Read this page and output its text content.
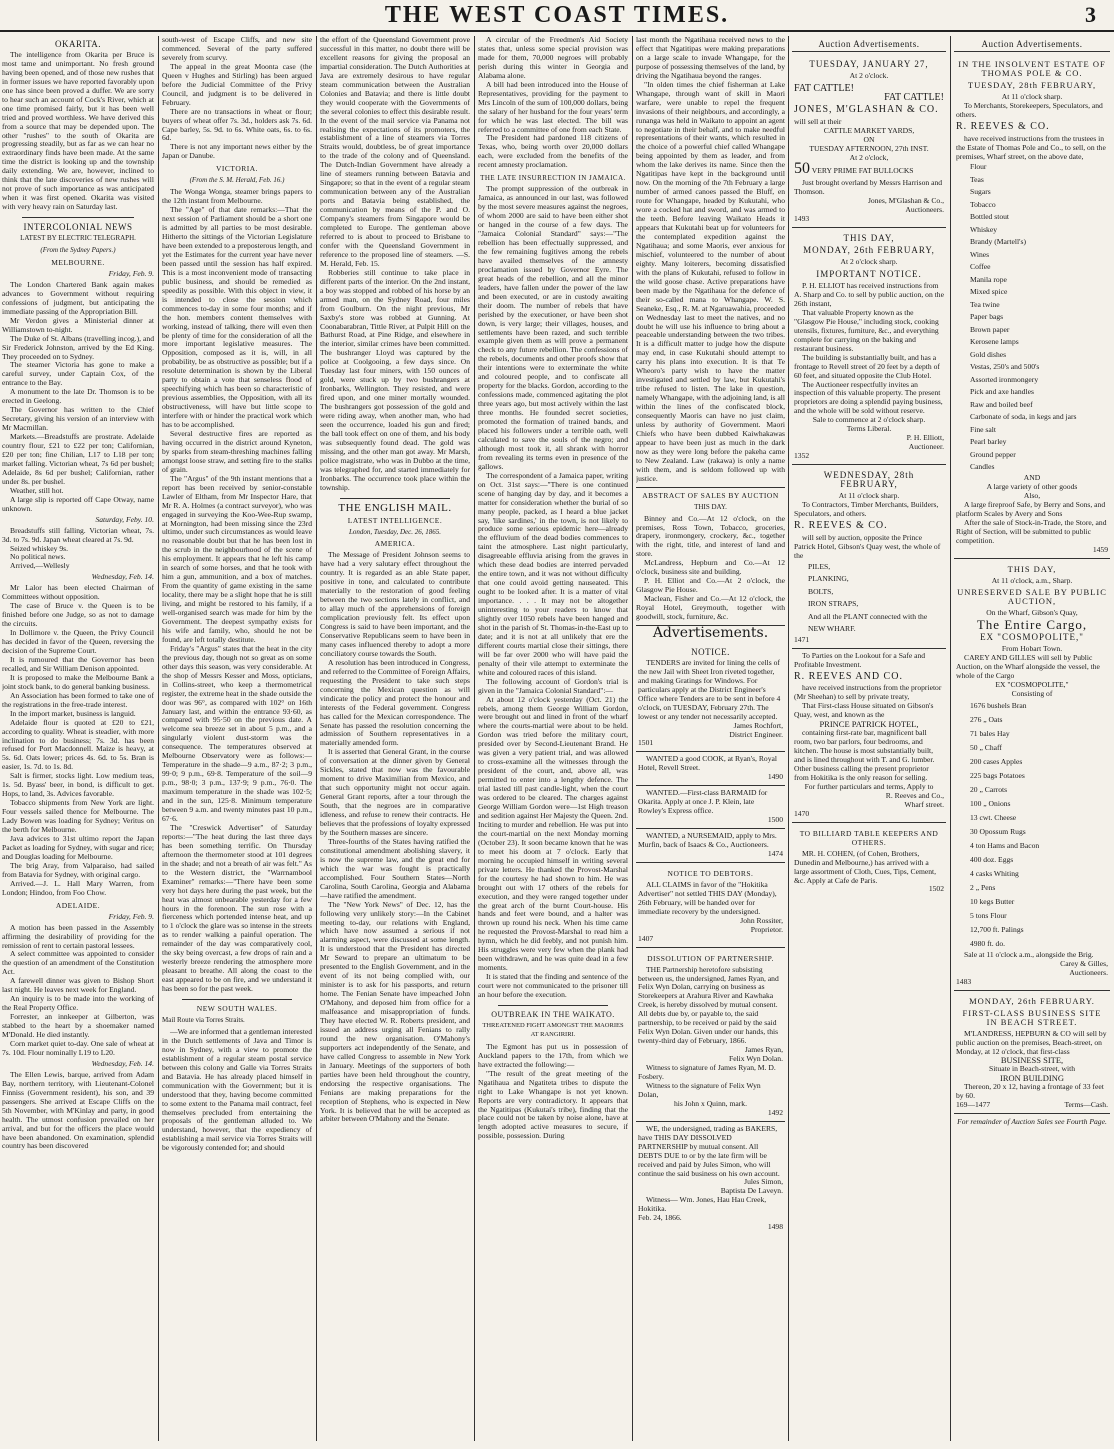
THE WEST COAST TIMES.	3
OKARITA.

The intelligence from Okarita per Bruce is most tame and unimportant. No fresh ground having been opened, and of those new rushes that in former issues we have reported favorably upon one has since been proved a duffer. We are sorry to hear such an account of Cock's River, which at one time promised fairly, but it has been well tried and proved worthless. We have derived this from a source that may be depended upon. The other "rushes" to the south of Okarita are progressing steadily, but as far as we can hear no extraordinary finds have been made. At the same time the district is looking up and the township daily extending. We are, however, inclined to think that the late discoveries of new rushes will not prove of such importance as was anticipated when it was first opened. Okarita was visited with very heavy rain on Saturday last.

INTERCOLONIAL NEWS
LATEST BY ELECTRIC TELEGRAPH.
(From the Sydney Papers.)
MELBOURNE.
Friday, Feb. 9.

The London Chartered Bank again makes advances to Government without requiring confessions of judgment, but anticipating the immediate passing of the Appropriation Bill.

Mr Verdon gives a Ministerial dinner at Williamstown to-night.

The Duke of St. Albans (travelling incog.), and Sir Frederick Johnston, arrived by the Ed King. They proceeded on to Sydney.

The steamer Victoria has gone to make a careful survey, under Captain Cox, of the entrance to the Bay.

A monument to the late Dr. Thomson is to be erected in Geelong.

The Governor has written to the Chief Secretary, giving his version of an interview with Mr Macmillan.

Markets.—Breadstuffs are prostrate. Adelaide country flour, £21 to £22 per ton; Californian, £20 per ton; fine Chilian, L17 to L18 per ton; market falling. Victorian wheat, 7s 6d per bushel; Adelaide, 8s 6d per bushel; Californian, rather under 8s. per bushel.

Weather, still hot.

A large slip is reported off Cape Otway, name unknown.

Saturday, Feby. 10.

Breadstuffs still falling. Victorian wheat, 7s. 3d. to 7s. 9d. Japan wheat cleared at 7s. 9d.

Seized whiskey 9s.

No political news.

Arrived,—Wellesly

Wednesday, Feb. 14.

Mr Lalor has been elected Chairman of Committees without opposition.

The case of Bruce v. the Queen is to be finished before one Judge, so as not to damage the circuits.

In Dollimore v. the Queen, the Privy Council has decided in favor of the Queen, reversing the decision of the Supreme Court.

It is rumoured that the Governor has been recalled, and Sir William Denison appointed.

It is proposed to make the Melbourne Bank a joint stock bank, to do general banking business.

An Association has been formed to take one of the registrations in the free-trade interest.

In the import market, business is languid.

Adelaide flour is quoted at £20 to £21, according to quality. Wheat is steadier, with more inclination to do business; 7s. 3d. has been refused for Port Macdonnell. Maize is heavy, at 5s. 6d. Oats lower; prices 4s. 6d. to 5s. Bran is easier, 1s. 7d. to 1s. 8d.

Salt is firmer, stocks light. Low medium teas, 1s. 5d. Byass' beer, in bond, is difficult to get. Hops, to land, 3s. Advices favorable.

Tobacco shipments from New York are light. Four vessels sailed thence for Melbourne. The Lady Bowen was loading for Sydney; Veritus on the berth for Melbourne.

Java advices to 31st ultimo report the Japan Packet as loading for Sydney, with sugar and rice; and Douglas loading for Melbourne.

The brig Aray, from Valparaiso, had sailed from Batavia for Sydney, with original cargo.

Arrived.—J. L. Hall Mary Warren, from London; Hindoo, from Foo Chow.

ADELAIDE.
Friday, Feb. 9.

A motion has been passed in the Assembly affirming the desirability of providing for the remission of rent to certain pastoral lessees.

A select committee was appointed to consider the question of an amendment of the Constitution Act.

A farewell dinner was given to Bishop Short last night. He leaves next week for England.

An inquiry is to be made into the working of the Real Property Office.

Forrester, an innkeeper at Gilberton, was stabbed to the heart by a shoemaker named M'Donald. He died instantly.

Corn market quiet to-day. One sale of wheat at 7s. 10d. Flour nominally L19 to L20.

Wednesday, Feb. 14.

The Ellen Lewis, barque, arrived from Adam Bay, northern territory, with Lieutenant-Colonel Finniss (Government resident), his son, and 39 passengers. She arrived at Escape Cliffs on the 5th November, with M'Kinlay and party, in good health. The utmost confusion prevailed on her arrival, and but for the officers the place would have been abandoned. On examination, splendid country has been discovered

south-west of Escape Cliffs, and new site commenced. Several of the party suffered severely from scurvy.

The appeal in the great Moonta case (the Queen v Hughes and Stirling) has been argued before the Judicial Committee of the Privy Council, and judgment is to be delivered in February.

There are no transactions in wheat or flour; buyers of wheat offer 7s. 3d., holders ask 7s. 6d. Cape barley, 5s. 9d. to 6s. White oats, 6s. to 6s. 6d.

There is not any important news either by the Japan or Danube.

VICTORIA.
(From the S. M. Herald, Feb. 16.)

The Wonga Wonga, steamer brings papers to the 12th instant from Melbourne.

The "Age" of that date remarks:—That the next session of Parliament should be a short one is admitted by all parties to be most desirable. Hitherto the sittings of the Victorian Legislature have been extended to a preposterous length, and yet the Estimates for the current year have never been passed until the session has half expired. This is a most inconvenient mode of transacting public business, and should be remedied as speedily as possible. With this object in view, it is intended to close the session which commences to-day in some four months; and if the hon. members content themselves with working, instead of talking, there will even then be plenty of time for the consideration of all the more important legislative measures. The Opposition, composed as it is, will, in all probability, be as obstructive as possible; but if a resolute determination is shown by the Liberal party to obtain a vote that senseless flood of speechifying which has been so characteristic of previous assemblies, the Opposition, with all its obstructiveness, will have but little scope to interfere with or hinder the practical work which has to be accomplished.

Several destructive fires are reported as having occurred in the district around Kyneton, by sparks from steam-threshing machines falling amongst loose straw, and setting fire to the stalks of grain.

The "Argus" of the 9th instant mentions that a report has been received by senior-constable Lawler of Eltham, from Mr Inspector Hare, that Mr R. A. Holmes (a contract surveyor), who was engaged in surveying the Koo-Wee-Rup swamp, at Mornington, had been missing since the 23rd ultimo, under such circumstances as would leave no reasonable doubt but that he has been lost in the scrub in the neighbourhood of the scene of his employment. It appears that he left his camp in search of some horses, and that he took with him a gun, ammunition, and a box of matches. From the quantity of game existing in the same locality, there may be a slight hope that he is still living, and might be restored to his family, if a well-organised search was made for him by the Government. The deepest sympathy exists for his wife and family, who, should he not be found, are left totally destitute.

Friday's "Argus" states that the heat in the city the previous day, though not so great as on some other days this season, was very considerable. At the shop of Messrs Kesser and Moss, opticians, in Collins-street, who keep a thermometrical register, the extreme heat in the shade outside the door was 96°, as compared with 102° on 16th January last, and within the entrance 93·60, as compared with 95·50 on the previous date. A welcome sea breeze set in about 5 p.m., and a singularly violent dust-storm was the consequence. The temperatures observed at Melbourne Observatory were as follows:—Temperature in the shade—9 a.m., 87·2; 3 p.m., 99·0; 9 p.m., 69·8. Temperature of the soil—9 p.m., 98·0; 3 p.m., 137·9; 9 p.m., 76·0. The maximum temperature in the shade was 102·5; and in the sun, 125·8. Minimum temperature between 9 a.m. and twenty minutes past 10 p.m., 67·6.

The "Creswick Advertiser" of Saturday reports:—"The heat during the last three days has been something terrific. On Thursday afternoon the thermometer stood at 101 degrees in the shade; and not a breath of air was felt." As to the Western district, the "Warrnambool Examiner" remarks:—"There have been some very hot days here during the past week, but the heat was almost unbearable yesterday for a few hours in the forenoon. The sun rose with a fierceness which portended intense heat, and up to 1 o'clock the glare was so intense in the streets as to render walking a painful operation. The remainder of the day was comparatively cool, the sky being overcast, a few drops of rain and a westerly breeze rendering the atmosphere more pleasant to breathe. All along the coast to the east appeared to be on fire, and we understand it has been so for the past week.

NEW SOUTH WALES.
Mail Route via Torres Straits.

—We are informed that a gentleman interested in the Dutch settlements of Java and Timor is now in Sydney, with a view to promote the establishment of a regular steam postal service between this colony and Galle via Torres Straits and Batavia. He has already placed himself in communication with the Government; but it is understood that they, having become committed to some extent to the Panama mail contract, feel themselves precluded from entertaining the proposals of the gentleman alluded to. We understand, however, that the expediency of establishing a mail service via Torres Straits will be vigorously contended for; and should

the effort of the Queensland Government prove successful in this matter, no doubt there will be excellent reasons for giving the proposal an impartial consideration. The Dutch Authorities at Java are extremely desirous to have regular steam communication between the Australian Colonies and Batavia; and there is little doubt they would cooperate with the Governments of the several colonies to effect this desirable result. In the event of the mail service via Panama not realising the expectations of its promoters, the establishment of a line of steamers via Torres Straits would, doubtless, be of great importance to the trade of the colony and of Queensland. The Dutch-Indian Government have already a line of steamers running between Batavia and Singapore; so that in the event of a regular steam communication between any of the Australian ports and Batavia being established, the communication by means of the P. and O. Company's steamers from Singapore would be completed to Europe. The gentleman above referred to is about to proceed to Brisbane to confer with the Queensland Government in reference to the proposed line of steamers. —S. M. Herald, Feb. 15.

Robberies still continue to take place in different parts of the interior. On the 2nd instant, a boy was stopped and robbed of his horse by an armed man, on the Sydney Road, four miles from Goulburn. On the night previous, Mr Saxby's store was robbed at Gunning. At Coonabarabran, Tittle River, at Pulpit Hill on the Bathurst Road, at Pine Ridge, and elsewhere in the interior, similar crimes have been committed. The bushranger Lloyd was captured by the police at Coolgooing, a few days since. On Tuesday last four miners, with 150 ounces of gold, were stuck up by two bushrangers at Ironbarks, Wellington. They resisted, and were fired upon, and one miner mortally wounded. The bushrangers got possession of the gold and were riding away, when another man, who had seen the occurrence, loaded his gun and fired; the ball took effect on one of them, and his body was subsequently found dead. The gold was missing, and the other man got away. Mr Marsh, police magistrate, who was in Dubbo at the time, was telegraphed for, and started immediately for Ironbarks. The occurrence took place within the township.

THE ENGLISH MAIL.
LATEST INTELLIGENCE.
London, Tuesday, Dec. 26, 1865.
AMERICA.

The Message of President Johnson seems to have had a very salutary effect throughout the country. It is regarded as an able State paper, positive in tone, and calculated to contribute materially to the restoration of good feeling between the two sections lately in conflict, and to allay much of the apprehensions of foreign complication previously felt. Its effect upon Congress is said to have been important, and the Conservative Republicans seem to have been in many cases influenced thereby to adopt a more conciliatory course towards the South.

A resolution has been introduced in Congress, and referred to the Committee of Foreign Affairs, requesting the President to take such steps concerning the Mexican question as will vindicate the policy and protect the honour and interests of the Federal government. Congress has called for the Mexican correspondence. The Senate has passed the resolution concerning the admission of Southern representatives in a materially amended form.

It is asserted that General Grant, in the course of conversation at the dinner given by General Sickles, stated that now was the favourable moment to drive Maximilian from Mexico, and that such opportunity might not occur again. General Grant reports, after a tour through the South, that the negroes are in comparative idleness, and refuse to renew their contracts. He believes that the professions of loyalty expressed by the Southern masses are sincere.

Three-fourths of the States having ratified the constitutional amendment abolishing slavery, it is now the supreme law, and the great end for which the war was fought is practically accomplished. Four Southern States—North Carolina, South Carolina, Georgia and Alabama—have ratified the amendment.

The "New York News" of Dec. 12, has the following very unlikely story:—In the Cabinet meeting to-day, our relations with England, which have now assumed a serious if not alarming aspect, were discussed at some length. It is understood that the President has directed Mr Seward to prepare an ultimatum to be presented to the English Government, and in the event of its not being complied with, our minister is to ask for his passports, and return home. The Fenian Senate have impeached John O'Mahony, and deposed him from office for a malfeasance and misappropriation of funds. They have elected W. R. Roberts president, and issued an address urging all Fenians to rally round the new organisation. O'Mahony's supporters act independently of the Senate, and have called Congress to assemble in New York in January. Meetings of the supporters of both parties have been held throughout the country, endorsing the respective organisations. The Fenians are making preparations for the reception of Stephens, who is expected in New York. It is believed that he will be accepted as arbiter between O'Mahony and the Senate.

A circular of the Freedmen's Aid Society states that, unless some special provision was made for them, 70,000 negroes will probably perish during this winter in Georgia and Alabama alone.

A bill had been introduced into the House of Representatives, providing for the payment to Mrs Lincoln of the sum of 100,000 dollars, being the salary of her husband for the four years' term for which he was last elected. The bill was referred to a committee of one from each State.

The President had pardoned 118 citizens of Texas, who, being worth over 20,000 dollars each, were excluded from the benefits of the recent amnesty proclamation.

THE LATE INSURRECTION IN JAMAICA.

The prompt suppression of the outbreak in Jamaica, as announced in our last, was followed by the most severe measures against the negroes, of whom 2000 are said to have been either shot or hanged in the course of a few days. The "Jamaica Colonial Standard" says:—"The rebellion has been effectually suppressed, and the few remaining fugitives among the rebels have availed themselves of the amnesty proclamation issued by Governor Eyre. The great heads of the rebellion, and all the minor leaders, have fallen under the power of the law and been executed, or are in custody awaiting their doom. The number of rebels that have perished by the executioner, or have been shot down, is very large; their villages, houses, and settlements have been razed, and such terrible example given them as will prove a permanent check to any future rebellion. The confessions of the rebels, documents and other proofs show that their intentions were to exterminate the white and coloured people, and to confiscate all property for the blacks. Gordon, according to the confessions made, commenced agitating the plot three years ago, but most actively within the last three months. He founded secret societies, promoted the formation of trained bands, and placed his followers under a terrible oath, well calculated to save the souls of the negro; and although most took it, all shrank with horror from revealing its terms even in presence of the gallows.

The correspondent of a Jamaica paper, writing on Oct. 31st says:—"There is one continued scene of hanging day by day, and it becomes a matter for consideration whether the burial of so many people, packed, as I heard a blue jacket say, 'like sardines,' in the town, is not likely to produce some serious epidemic here—already the effluvium of the dead bodies commences to taint the atmosphere. Last night particularly, disagreeable effluvia arising from the graves in which these dead bodies are interred pervaded the entire town, and it was not without difficulty that one could avoid getting nauseated. This ought to be looked after. It is a matter of vital importance. . . . It may not be altogether uninteresting to your readers to know that slightly over 1050 rebels have been hanged and shot in the parish of St. Thomas-in-the-East up to date; and it is not at all unlikely that ere the different courts martial close their sittings, there will be far over 2000 who will have paid the penalty of their vile attempt to exterminate the white and coloured races of this island.

The following account of Gordon's trial is given in the "Jamaica Colonial Standard":—

At about 12 o'clock yesterday (Oct. 21) the rebels, among them George William Gordon, were brought out and lined in front of the wharf where the courts-martial were about to be held. Gordon was tried before the military court, presided over by Second-Lieutenant Brand. He was given a very patient trial, and was allowed to cross-examine all the witnesses through the president of the court, and, above all, was permitted to enter into a lengthy defence. The trial lasted till past candle-light, when the court was ordered to be cleared. The charges against George William Gordon were—1st High treason and sedition against Her Majesty the Queen. 2nd. Inciting to murder and rebellion. He was put into the court-martial on the next Monday morning (October 23). It soon became known that he was to meet his doom at 7 o'clock. Early that morning he occupied himself in writing several private letters. He thanked the Provost-Marshal for the courtesy he had shown to him. He was brought out with 17 others of the rebels for execution, and they were ranged together under the great arch of the burnt Court-house. His hands and feet were bound, and a halter was thrown up round his neck. When his time came he requested the Provost-Marshal to read him a hymn, which he did feebly, and not punish him. His struggles were very few when the plank had been withdrawn, and he was quite dead in a few moments.

It is stated that the finding and sentence of the court were not communicated to the prisoner till an hour before the execution.

OUTBREAK IN THE WAIKATO.
THREATENED FIGHT AMONGST THE MAORIES AT RANGIRIRI.

The Egmont has put us in possession of Auckland papers to the 17th, from which we have extracted the following:—

"The result of the great meeting of the Ngatihaua and Ngatiteta tribes to dispute the right to Lake Whangape is not yet known. Reports are very contradictory. It appears that the Ngatitipas (Kukutai's tribe), finding that the place could not be taken by noise alone, have at length adopted active measures to secure, if possible, possession. During

last month the Ngatihaua received news to the effect that Ngatitipas were making preparations on a large scale to invade Whangape, for the purpose of possessing themselves of the land, by driving the Ngatihaua beyond the ranges.

"In olden times the chief fisherman at Lake Whangape, through want of skill in Maori warfare, were unable to repel the frequent invasions of their neighbours, and accordingly, a runanga was held in Waikato to appoint an agent to negotiate in their behalf, and to make needful representations of their wants, which resulted in the choice of a powerful chief called Whangape being appointed by them as leader, and from whom the lake derives its name. Since then the Ngatitipas have kept in the background until now. On the morning of the 7th February a large number of armed canoes passed the Bluff, en route for Whangape, headed by Kukutahi, who wore a cocked hat and sword, and was armed to the teeth. Before leaving Waikato Heads it appears that Kukutahi beat up for volunteers for the contemplated expedition against the Ngatihaua; and some Maoris, ever anxious for mischief, volunteered to the number of about eighty. Many loiterers, becoming dissatisfied with the plans of Kukutahi, refused to follow in the wild goose chase. Active preparations have been made by the Ngatihaua for the defence of their so-called mana to Whangape. W. S. Seaneke, Esq., R. M. at Ngaruawahia, proceeded on Wednesday last to meet the natives, and no doubt he will use his influence to bring about a peaceable understanding between the two tribes. It is a difficult matter to judge how the dispute may end, in case Kukutahi should attempt to carry his plans into execution. It is that Te Wheoro's party wish to have the matter investigated and settled by law, but Kukutahi's tribe refused to listen. The lake in question, namely Whangape, with the adjoining land, is all within the lines of the confiscated block, consequently Maoris can have no just claim, unless by authority of Government. Maori Chiefs who have been dubbed Kaiwhakawas appear to have been just as much in the dark now as they were long before the pakeha came to New Zealand. Law (rakawa) is only a name with them, and is seldom followed up with justice.

ABSTRACT OF SALES BY AUCTION
THIS DAY.

Binney and Co.—At 12 o'clock, on the premises, Ross Town, Tobacco, groceries, drapery, ironmongery, crockery, &c., together with the right, title, and interest of land and store.

McLandress, Hepburn and Co.—At 12 o'clock, business site and building.

P. H. Elliot and Co.—At 2 o'clock, the Glasgow Pie House.

Maclean, Fisher and Co.—At 12 o'clock, the Royal Hotel, Greymouth, together with goodwill, stock, furniture, &c.

Advertisements.
NOTICE.

TENDERS are invited for lining the cells of the new Jail with Sheet Iron riveted together, and making Gratings for Windows. For particulars apply at the District Engineer's Office where Tenders are to be sent in before 4 o'clock, on TUESDAY, February 27th. The lowest or any tender not necessarily accepted.

James Rochfort,
District Engineer.
1501

WANTED a good COOK, at Ryan's, Royal Hotel, Revell Street.

1490

WANTED.—First-class BARMAID for Okarita. Apply at once J. P. Klein, late Rowley's Express office.

1500

WANTED, a NURSEMAID, apply to Mrs. Murfin, back of Isaacs & Co., Auctioneers.

1474
NOTICE TO DEBTORS.

ALL CLAIMS in favor of the "Hokitika Advertiser" not settled THIS DAY (Monday), 26th February, will be handed over for immediate recovery by the undersigned.

John Rossiter,
Proprietor.
1407
DISSOLUTION OF PARTNERSHIP.

THE Partnership heretofore subsisting between us, the undersigned, James Ryan, and Felix Wyn Dolan, carrying on business as Storekeepers at Arahura River and Kawhaka Creek, is hereby dissolved by mutual consent. All debts due by, or payable to, the said partnership, to be received or paid by the said Felix Wyn Dolan. Given under our hands, this twenty-third day of February, 1866.

James Ryan,
Felix Wyn Dolan.

Witness to signature of James Ryan, M. D. Fosbery.

Witness to the signature of Felix Wyn Dolan,

his John x Quinn, mark.
1492

WE, the undersigned, trading as BAKERS, have THIS DAY DISSOLVED PARTNERSHIP by mutual consent. All DEBTS DUE to or by the late firm will be received and paid by Jules Simon, who will continue the said business on his own account.

Jules Simon,
Baptista De Laveyn.

Witness— Wm. Jones, Hau Hau Creek, Hokitika.

Feb. 24, 1866.
1498
Auction Advertisements.
TUESDAY, JANUARY 27,
At 2 o'clock.
FAT CATTLE!
FAT CATTLE!
JONES, M'GLASHAN & CO.
will sell at their
CATTLE MARKET YARDS,
ON
TUESDAY AFTERNOON, 27th INST.
At 2 o'clock,
50 VERY PRIME FAT BULLOCKS

Just brought overland by Messrs Harrison and Thomson.

Jones, M'Glashan & Co.,
Auctioneers.
1493
THIS DAY,
MONDAY, 26th FEBRUARY,
At 2 o'clock sharp.
IMPORTANT NOTICE.

P. H. ELLIOT has received instructions from A. Sharp and Co. to sell by public auction, on the 26th instant,

That valuable Property known as the "Glasgow Pie House," including stock, cooking utensils, fixtures, furniture, &c., and everything complete for carrying on the baking and restaurant business.

The building is substantially built, and has a frontage to Revell street of 20 feet by a depth of 60 feet, and situated opposite the Club Hotel.

The Auctioneer respectfully invites an inspection of this valuable property. The present proprietors are doing a splendid paying business, and the whole will be sold without reserve.

Sale to commence at 2 o'clock sharp.
Terms Liberal.
P. H. Elliott,
Auctioneer.
1352
WEDNESDAY, 28th FEBRUARY,
At 11 o'clock sharp.

To Contractors, Timber Merchants, Builders, Speculators, and others.

R. REEVES & CO.

will sell by auction, opposite the Prince Patrick Hotel, Gibson's Quay west, the whole of the

PILES,
PLANKING,
BOLTS,
IRON STRAPS,
And all the PLANT connected with the NEW WHARF.
1471

To Parties on the Lookout for a Safe and Profitable Investment.

R. REEVES AND CO.

have received instructions from the proprietor (Mr Sheehan) to sell by private treaty,

That First-class House situated on Gibson's Quay, west, and known as the

PRINCE PATRICK HOTEL,

containing first-rate bar, magnificent ball room, two bar parlors, four bedrooms, and kitchen. The house is most substantially built, and is lined throughout with T. and G. lumber. Other business calling the present proprietor from Hokitika is the only reason for selling.

For further particulars and terms, Apply to
R. Reeves and Co.,
Wharf street.
1470
TO BILLIARD TABLE KEEPERS AND OTHERS.

MR. H. COHEN, (of Cohen, Brothers, Dunedin and Melbourne,) has arrived with a large assortment of Cloth, Cues, Tips, Cement, &c. Apply at Cafe de Paris.

1502
Auction Advertisements.
IN THE INSOLVENT ESTATE OF THOMAS POLE & CO.
TUESDAY, 28th FEBRUARY,
At 11 o'clock sharp.

To Merchants, Storekeepers, Speculators, and others.

R. REEVES & CO.

have received instructions from the trustees in the Estate of Thomas Pole and Co., to sell, on the premises, Wharf street, on the above date,

Flour
Teas
Sugars
Tobacco
Bottled stout
Whiskey
Brandy (Martell's)
Wines
Coffee
Manila rope
Mixed spice
Tea twine
Paper bags
Brown paper
Kerosene lamps
Gold dishes
Vestas, 250's and 500's
Assorted ironmongery
Pick and axe handles
Raw and boiled beef
Carbonate of soda, in kegs and jars
Fine salt
Pearl barley
Ground pepper
Candles
AND
A large variety of other goods
Also,

A large fireproof Safe, by Berry and Sons, and platform Scales by Avery and Sons

After the sale of Stock-in-Trade, the Store, and Right of Section, will be submitted to public competition.

1459
THIS DAY,
At 11 o'clock, a.m., Sharp.
UNRESERVED SALE BY PUBLIC AUCTION,
On the Wharf, Gibson's Quay,
The Entire Cargo,
EX "COSMOPOLITE,"
From Hobart Town.

CAREY AND GILLES will sell by Public Auction, on the Wharf alongside the vessel, the whole of the Cargo

EX "COSMOPOLITE,"
Consisting of
1676 bushels Bran
276 „ Oats
71 bales Hay
50 „ Chaff
200 cases Apples
225 bags Potatoes
20 „ Carrots
100 „ Onions
13 cwt. Cheese
30 Opossum Rugs
4 ton Hams and Bacon
400 doz. Eggs
4 casks Whiting
2 „ Pens
10 kegs Butter
5 tons Flour
12,700 ft. Palings
4980 ft. do.

Sale at 11 o'clock a.m., alongside the Brig.

Carey & Gilles,
Auctioneers.
1483
MONDAY, 26th FEBRUARY.
FIRST-CLASS BUSINESS SITE IN BEACH STREET.

M'LANDRESS, HEPBURN & CO will sell by public auction on the premises, Beach-street, on Monday, at 12 o'clock, that first-class

BUSINESS SITE,
Situate in Beach-street, with
IRON BUILDING

Thereon, 20 x 12, having a frontage of 33 feet by 60.

169—1477	Terms—Cash.
For remainder of Auction Sales see Fourth Page.
